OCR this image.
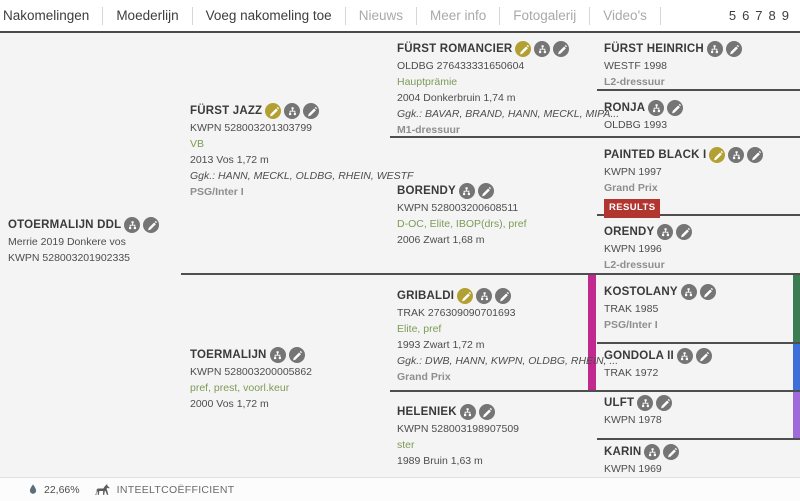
Nakomelingen	Moederlijn	Voeg nakomeling toe	Nieuws	Meer info	Fotogalerij	Video's	5 6 7 8 9
OTOERMALIJN DDL
Merrie 2019 Donkere vos
KWPN 528003201902335
FÜRST JAZZ
KWPN 528003201303799
VB
2013 Vos 1,72 m
Ggk.: HANN, MECKL, OLDBG, RHEIN, WESTF
PSG/Inter I
TOERMALIJN
KWPN 528003200005862
pref, prest, voorl.keur
2000 Vos 1,72 m
FÜRST ROMANCIER
OLDBG 276433331650604
Hauptprämie
2004 Donkerbruin 1,74 m
Ggk.: BAVAR, BRAND, HANN, MECKL, MIPA...
M1-dressuur
BORENDY
KWPN 528003200608511
D-OC, Elite, IBOP(drs), pref
2006 Zwart 1,68 m
GRIBALDI
TRAK 276309090701693
Elite, pref
1993 Zwart 1,72 m
Ggk.: DWB, HANN, KWPN, OLDBG, RHEIN, ...
Grand Prix
HELENIEK
KWPN 528003198907509
ster
1989 Bruin 1,63 m
FÜRST HEINRICH
WESTF 1998
L2-dressuur
RONJA
OLDBG 1993
PAINTED BLACK I
KWPN 1997
Grand Prix
RESULTS
ORENDY
KWPN 1996
L2-dressuur
KOSTOLANY
TRAK 1985
PSG/Inter I
GONDOLA II
TRAK 1972
ULFT
KWPN 1978
KARIN
KWPN 1969
22,66%	INTEELTCOËFFICIENT
